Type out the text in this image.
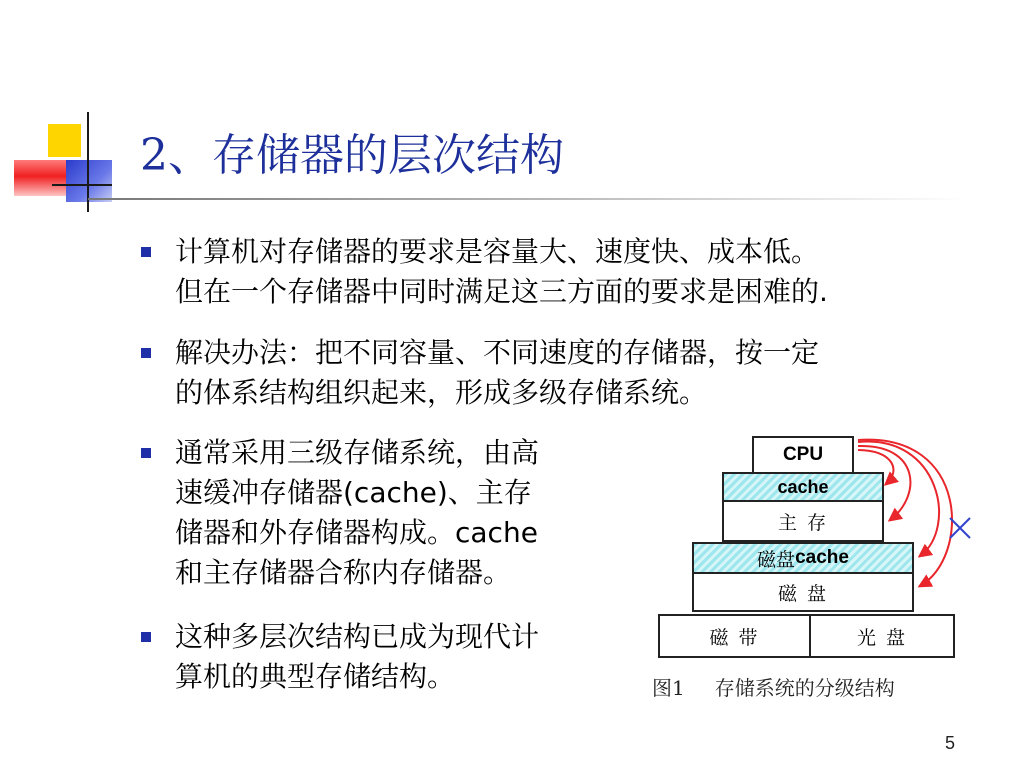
2、存储器的层次结构
计算机对存储器的要求是容量大、速度快、成本低。
但在一个存储器中同时满足这三方面的要求是困难的.
解决办法：把不同容量、不同速度的存储器，按一定
的体系结构组织起来，形成多级存储系统。
通常采用三级存储系统，由高
速缓冲存储器(cache)、主存
储器和外存储器构成。cache
和主存储器合称内存储器。
这种多层次结构已成为现代计
算机的典型存储结构。
CPU
cache
主 存
磁盘 cache
磁 盘
磁 带	光 盘
图1 存储系统的分级结构
5
